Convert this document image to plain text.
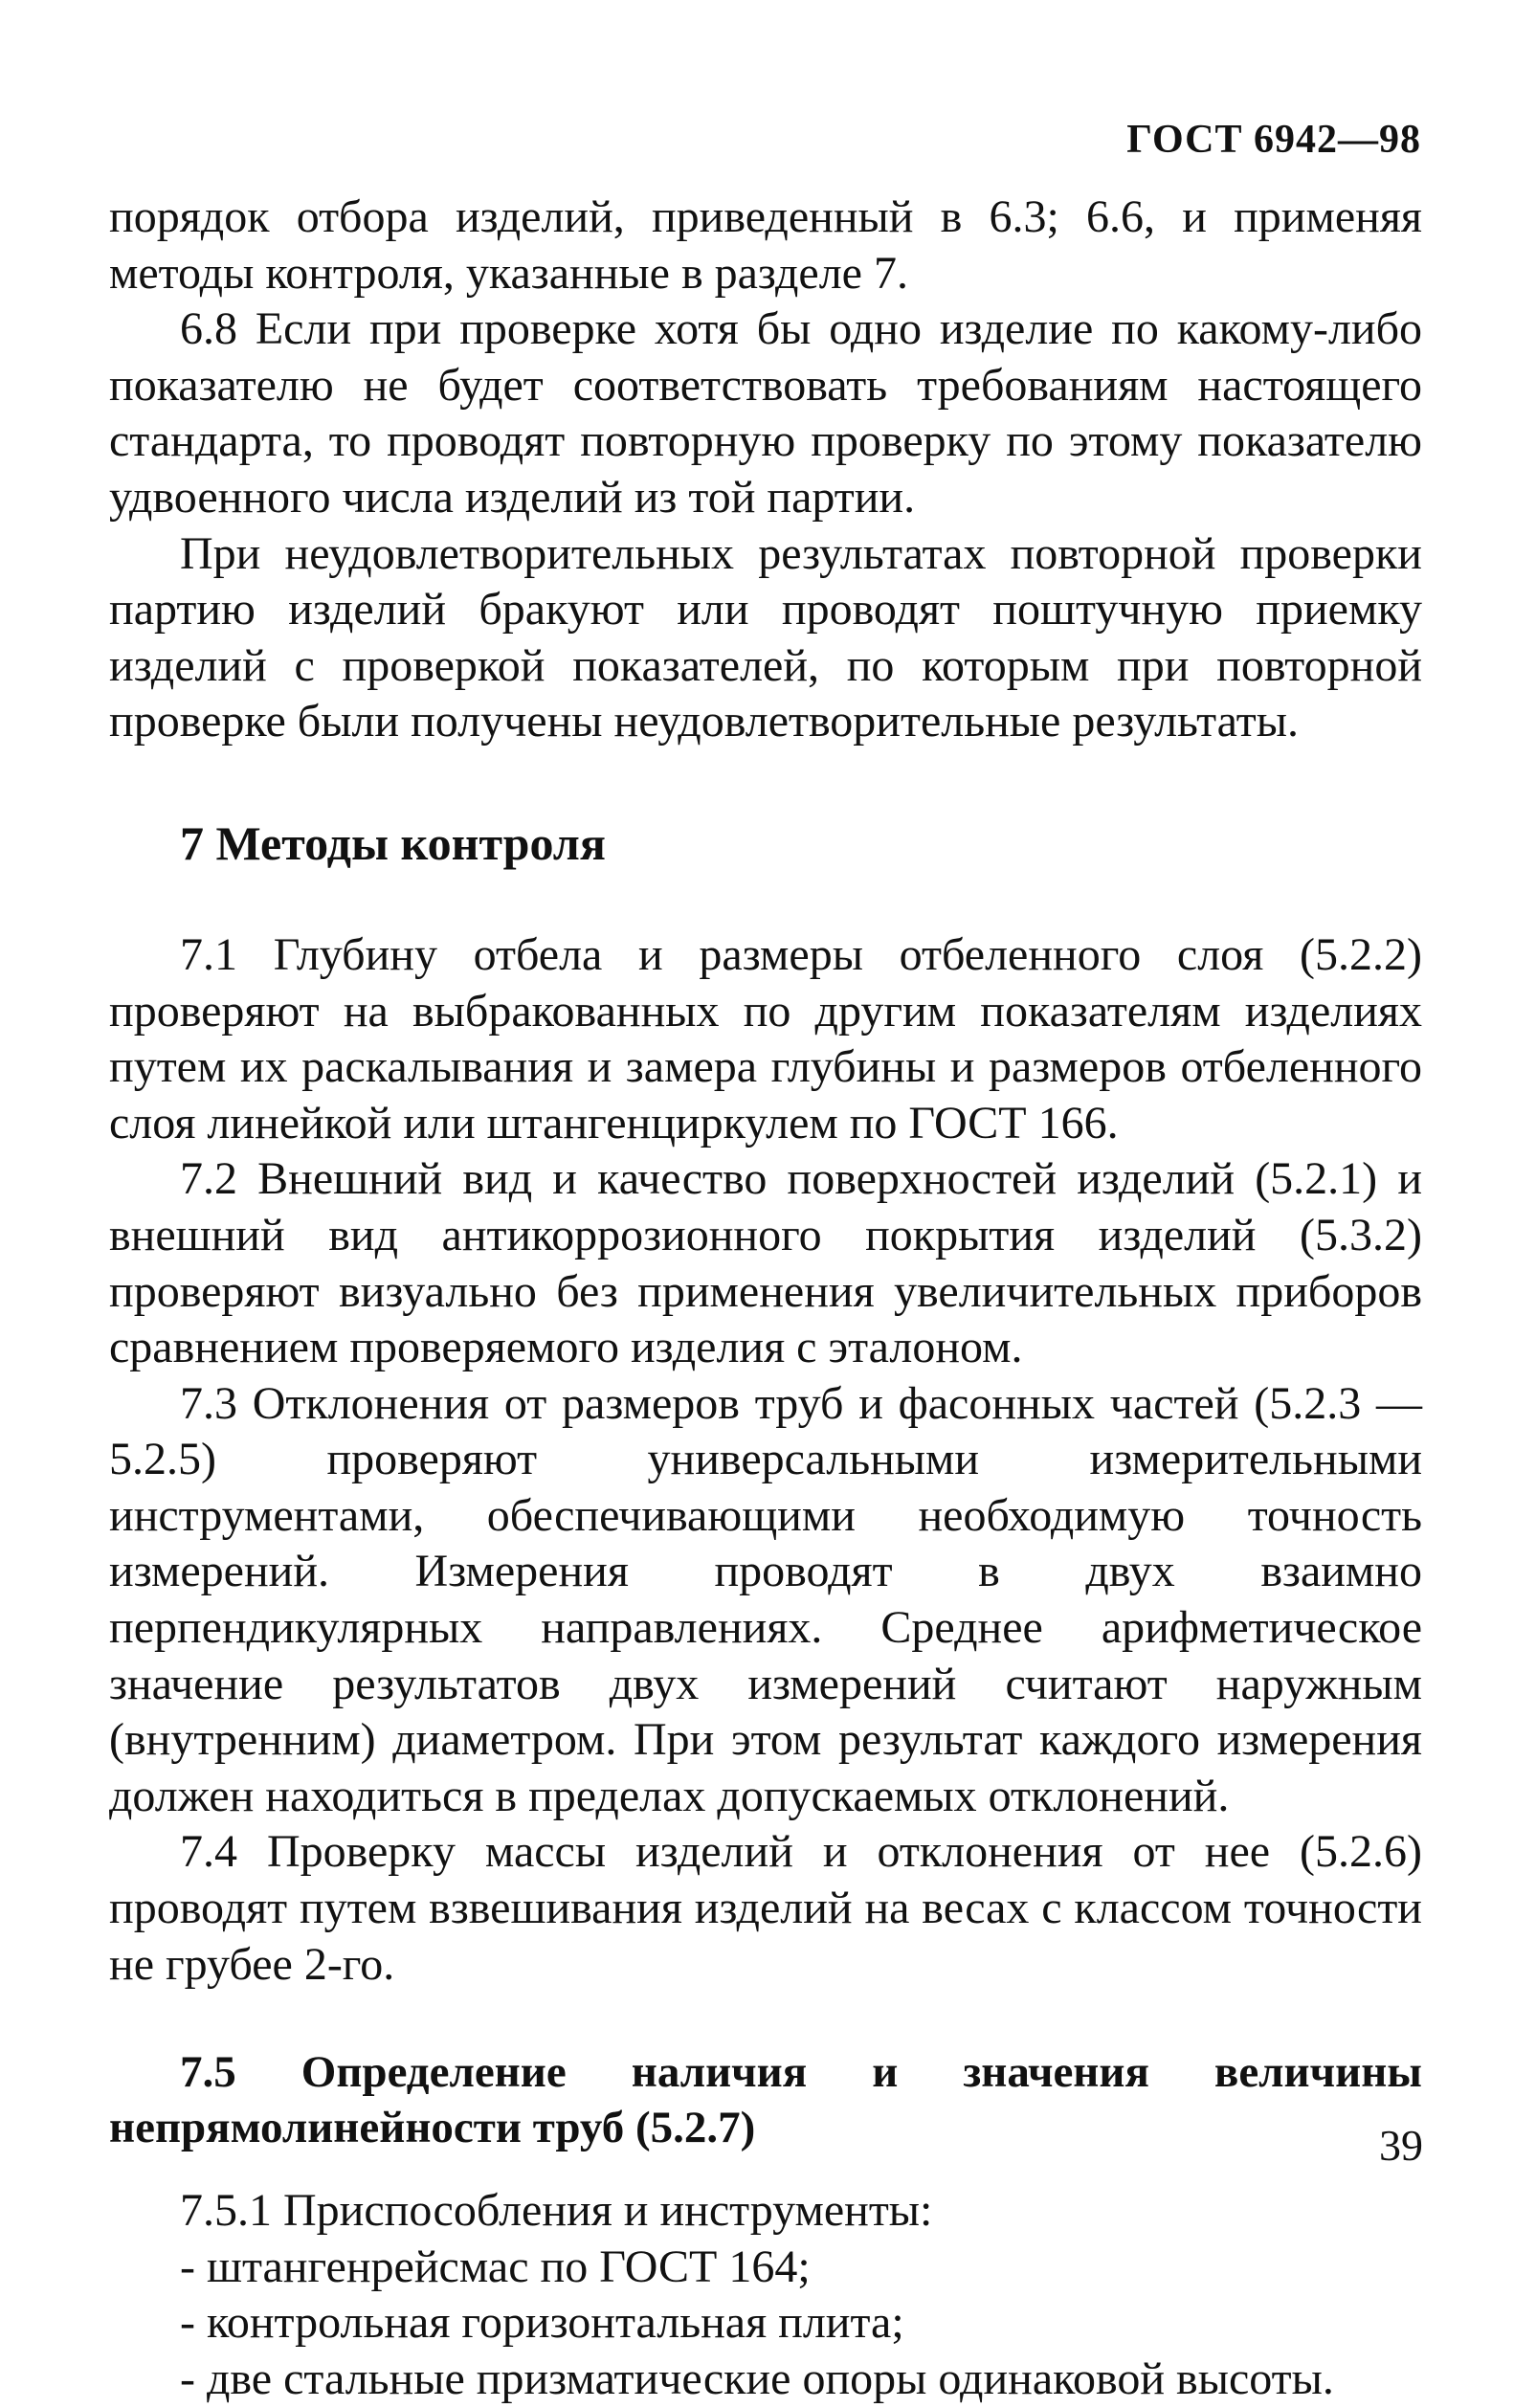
ГОСТ 6942—98

порядок отбора изделий, приведенный в 6.3; 6.6, и применяя методы контроля, указанные в разделе 7.

6.8 Если при проверке хотя бы одно изделие по какому-либо показателю не будет соответствовать требованиям настоящего стандарта, то проводят повторную проверку по этому показателю удвоенного числа изделий из той партии.

При неудовлетворительных результатах повторной проверки партию изделий бракуют или проводят поштучную приемку изделий с проверкой показателей, по которым при повторной проверке были получены неудовлетворительные результаты.

7 Методы контроля

7.1 Глубину отбела и размеры отбеленного слоя (5.2.2) проверяют на выбракованных по другим показателям изделиях путем их раскалывания и замера глубины и размеров отбеленного слоя линейкой или штангенциркулем по ГОСТ 166.

7.2 Внешний вид и качество поверхностей изделий (5.2.1) и внешний вид антикоррозионного покрытия изделий (5.3.2) проверяют визуально без применения увеличительных приборов сравнением проверяемого изделия с эталоном.

7.3 Отклонения от размеров труб и фасонных частей (5.2.3 — 5.2.5) проверяют универсальными измерительными инструментами, обеспечивающими необходимую точность измерений. Измерения проводят в двух взаимно перпендикулярных направлениях. Среднее арифметическое значение результатов двух измерений считают наружным (внутренним) диаметром. При этом результат каждого измерения должен находиться в пределах допускаемых отклонений.

7.4 Проверку массы изделий и отклонения от нее (5.2.6) проводят путем взвешивания изделий на весах с классом точности не грубее 2-го.

7.5 Определение наличия и значения величины непрямолинейности труб (5.2.7)

7.5.1 Приспособления и инструменты:

- штангенрейсмас по ГОСТ 164;
- контрольная горизонтальная плита;
- две стальные призматические опоры одинаковой высоты.
39
